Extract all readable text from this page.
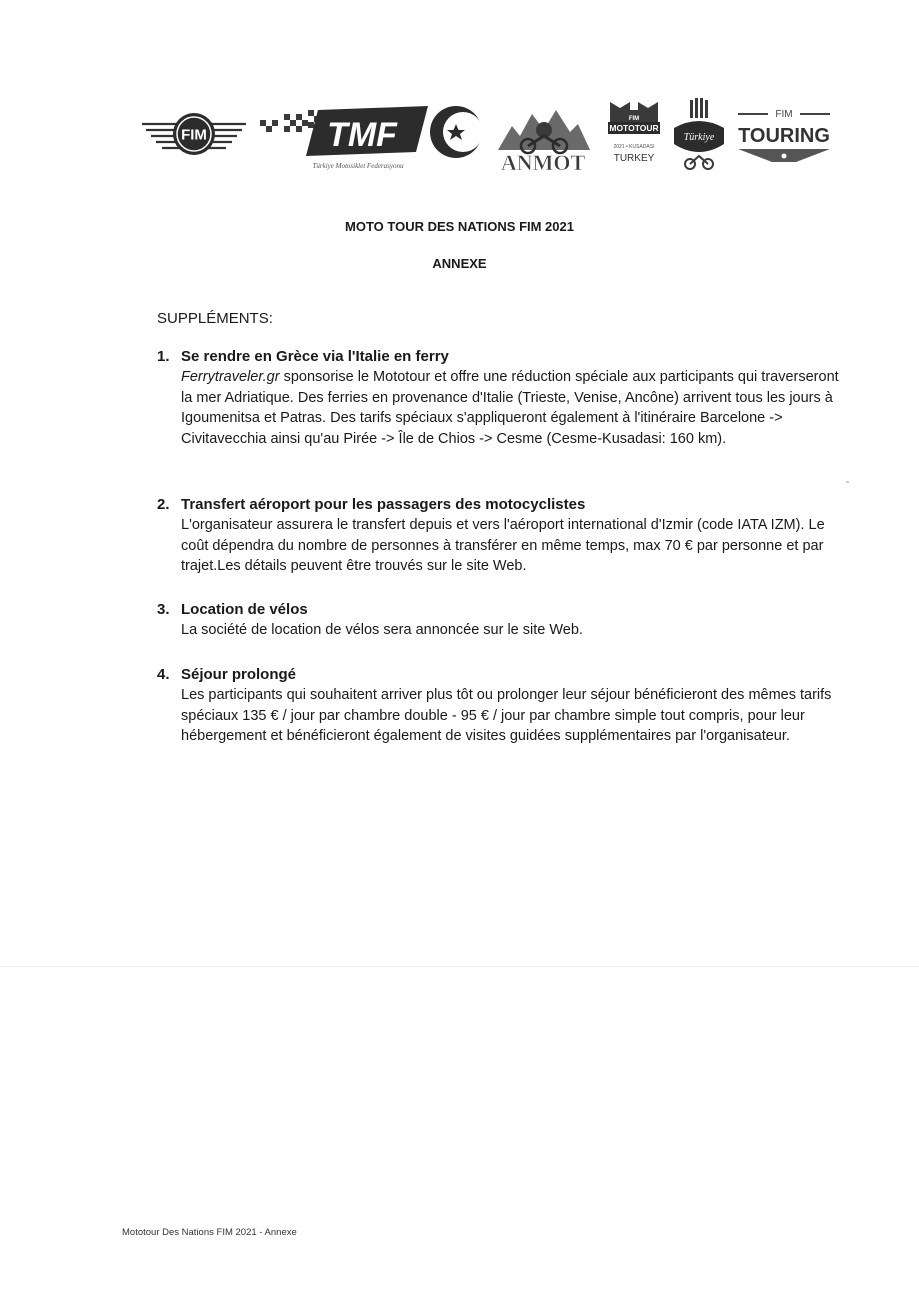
FIM	TMF
Türkiye Motosiklet Federasyonu	ANMOT
FIM
MOTOTOUR
2021 • KUSADASI
TURKEY
Türkiye
FIM
TOURING
MOTO TOUR DES NATIONS FIM 2021
ANNEXE
SUPPLÉMENTS:
1. Se rendre en Grèce via l'Italie en ferry
Ferrytraveler.gr sponsorise le Mototour et offre une réduction spéciale aux participants qui traverseront la mer Adriatique. Des ferries en provenance d'Italie (Trieste, Venise, Ancône) arrivent tous les jours à Igoumenitsa et Patras. Des tarifs spéciaux s'appliqueront également à l'itinéraire Barcelone -> Civitavecchia ainsi qu'au Pirée -> Île de Chios -> Cesme (Cesme-Kusadasi: 160 km).
2. Transfert aéroport pour les passagers des motocyclistes
L'organisateur assurera le transfert depuis et vers l'aéroport international d'Izmir (code IATA IZM). Le coût dépendra du nombre de personnes à transférer en même temps, max 70 € par personne et par trajet.Les détails peuvent être trouvés sur le site Web.
3. Location de vélos
La société de location de vélos sera annoncée sur le site Web.
4. Séjour prolongé
Les participants qui souhaitent arriver plus tôt ou prolonger leur séjour bénéficieront des mêmes tarifs spéciaux 135 € / jour par chambre double - 95 € / jour par chambre simple tout compris, pour leur hébergement et bénéficieront également de visites guidées supplémentaires par l'organisateur.
Mototour Des Nations FIM 2021 - Annexe
